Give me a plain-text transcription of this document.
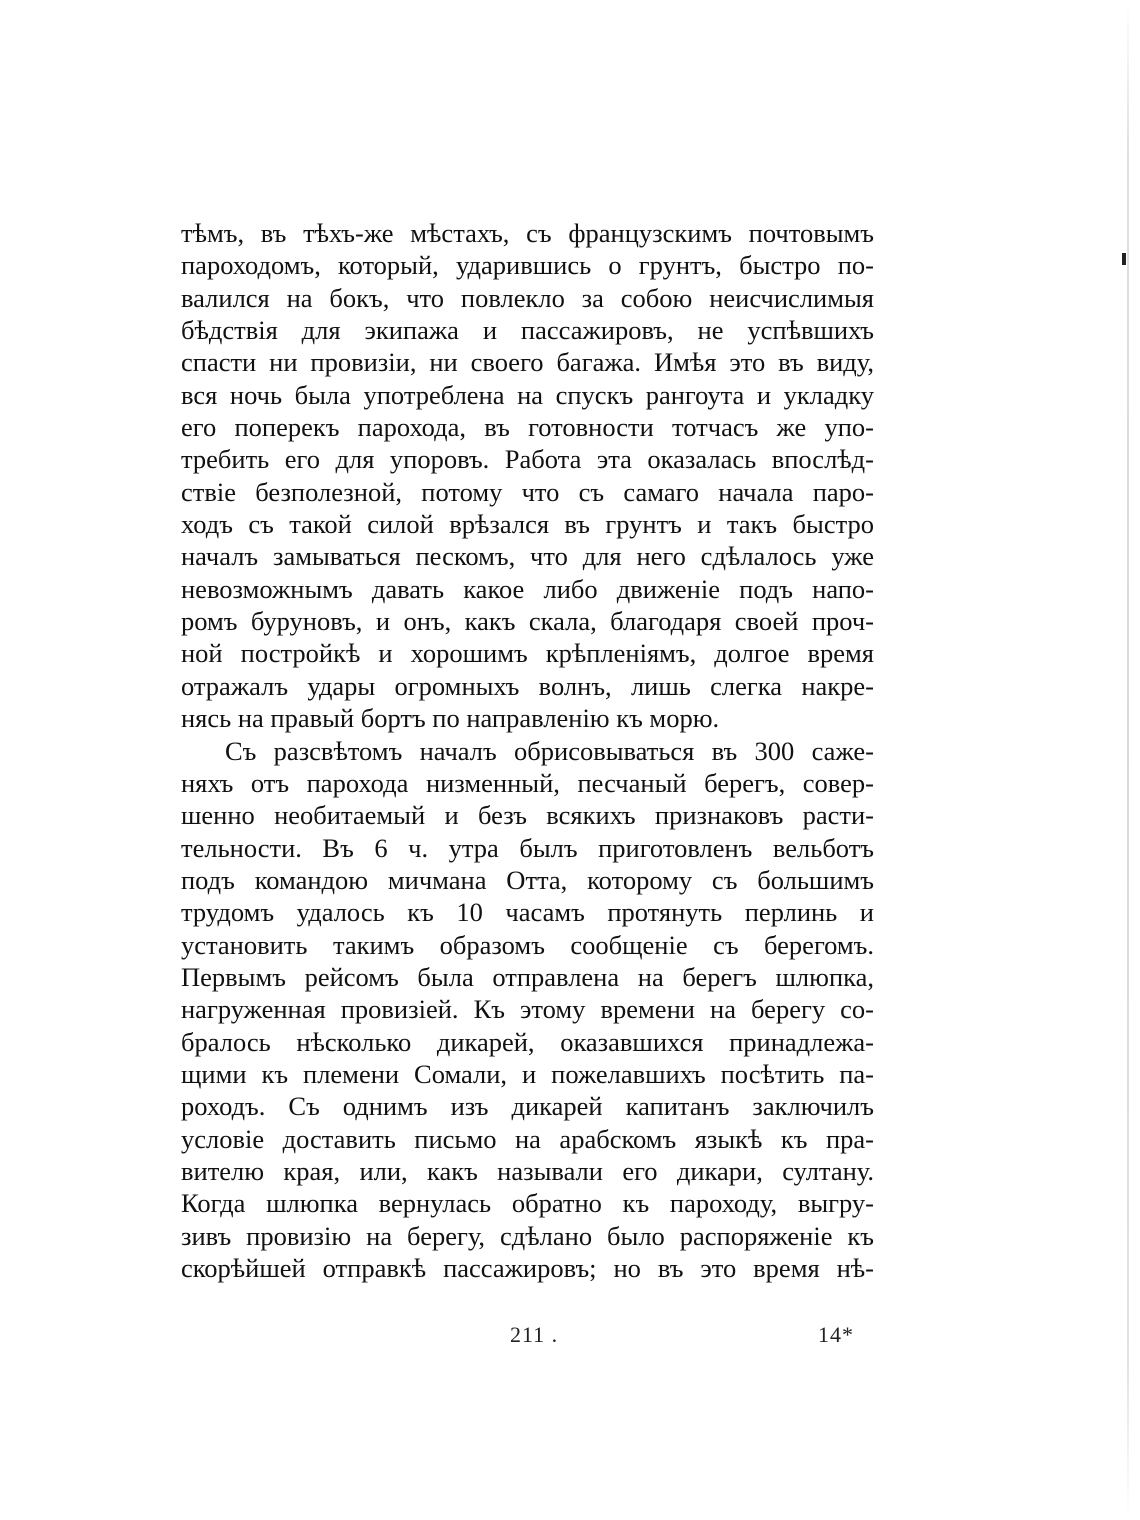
тѣмъ, въ тѣхъ-же мѣстахъ, съ французскимъ почтовымъ
пароходомъ, который, ударившись о грунтъ, быстро по-
валился на бокъ, что повлекло за собою неисчислимыя
бѣдствія для экипажа и пассажировъ, не успѣвшихъ
спасти ни провизіи, ни своего багажа. Имѣя это въ виду,
вся ночь была употреблена на спускъ рангоута и укладку
его поперекъ парохода, въ готовности тотчасъ же упо-
требить его для упоровъ. Работа эта оказалась впослѣд-
ствіе безполезной, потому что съ самаго начала паро-
ходъ съ такой силой врѣзался въ грунтъ и такъ быстро
началъ замываться пескомъ, что для него сдѣлалось уже
невозможнымъ давать какое либо движеніе подъ напо-
ромъ буруновъ, и онъ, какъ скала, благодаря своей проч-
ной постройкѣ и хорошимъ крѣпленіямъ, долгое время
отражалъ удары огромныхъ волнъ, лишь слегка накре-
нясь на правый бортъ по направленію къ морю.
Съ разсвѣтомъ началъ обрисовываться въ 300 саже-
няхъ отъ парохода низменный, песчаный берегъ, совер-
шенно необитаемый и безъ всякихъ признаковъ расти-
тельности. Въ 6 ч. утра былъ приготовленъ вельботъ
подъ командою мичмана Отта, которому съ большимъ
трудомъ удалось къ 10 часамъ протянуть перлинь и
установить такимъ образомъ сообщеніе съ берегомъ.
Первымъ рейсомъ была отправлена на берегъ шлюпка,
нагруженная провизіей. Къ этому времени на берегу со-
бралось нѣсколько дикарей, оказавшихся принадлежа-
щими къ племени Сомали, и пожелавшихъ посѣтить па-
роходъ. Съ однимъ изъ дикарей капитанъ заключилъ
условіе доставить письмо на арабскомъ языкѣ къ пра-
вителю края, или, какъ называли его дикари, султану.
Когда шлюпка вернулась обратно къ пароходу, выгру-
зивъ провизію на берегу, сдѣлано было распоряженіе къ
скорѣйшей отправкѣ пассажировъ; но въ это время нѣ-
211 .	14*
